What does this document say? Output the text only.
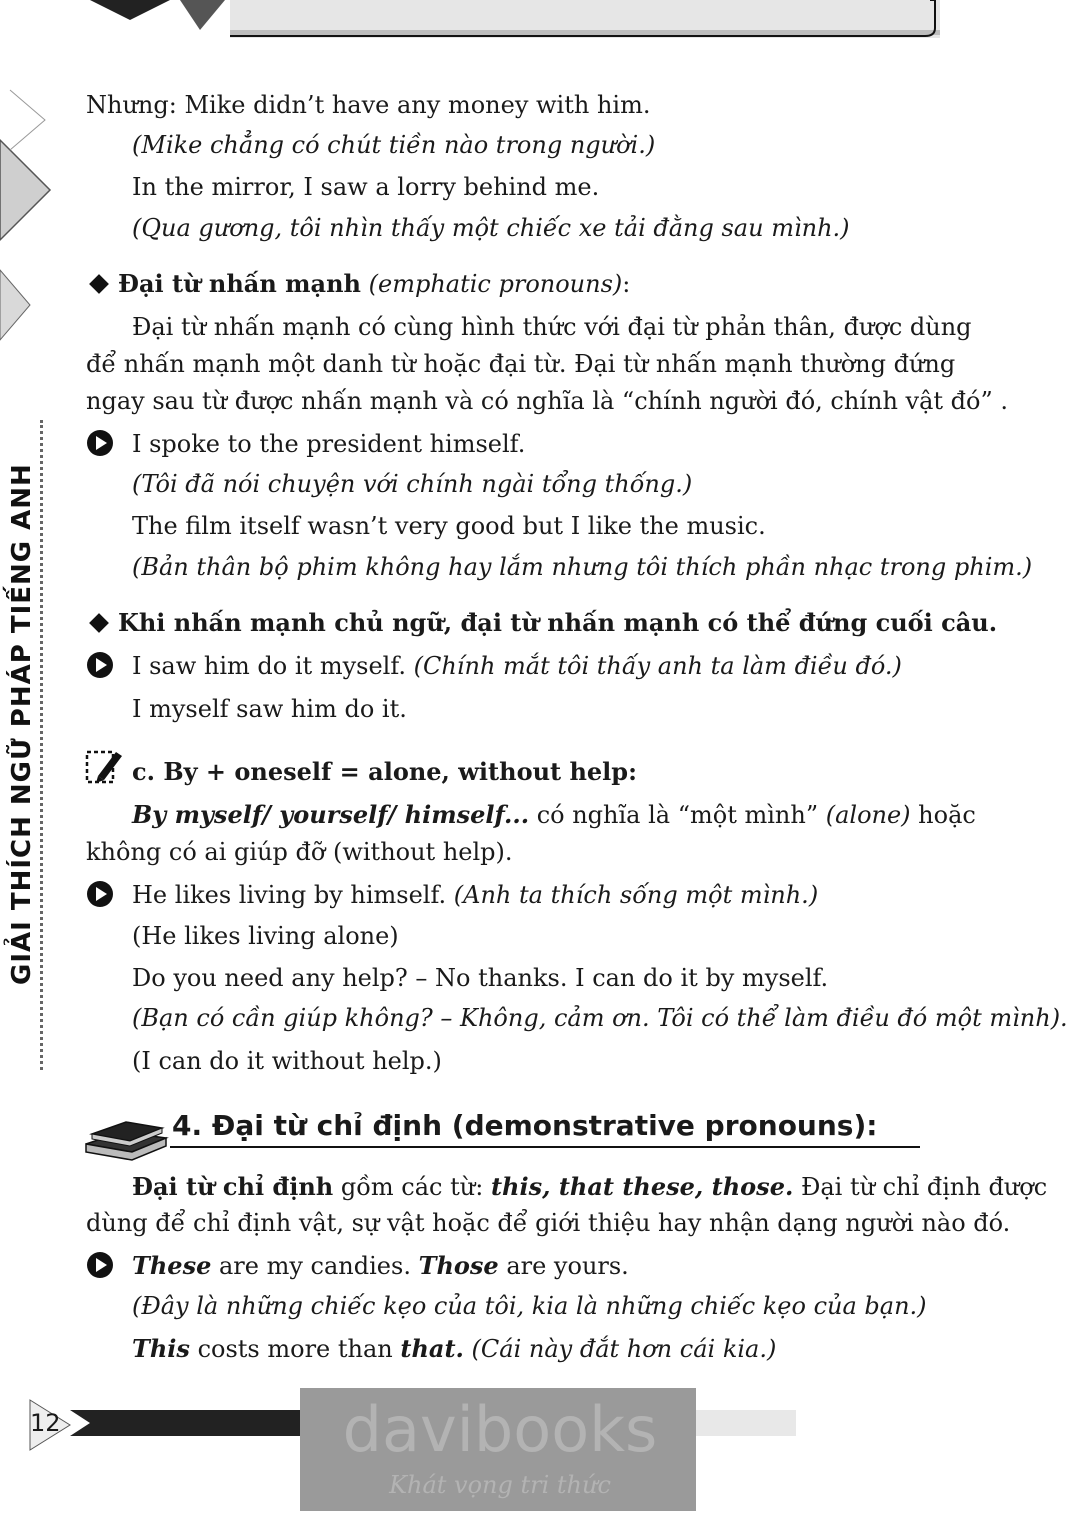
GIẢI THÍCH NGỮ PHÁP TIẾNG ANH
Nhưng: Mike didn’t have any money with him.
(Mike chẳng có chút tiền nào trong người.)
In the mirror, I saw a lorry behind me.
(Qua gương, tôi nhìn thấy một chiếc xe tải đằng sau mình.)
Đại từ nhấn mạnh (emphatic pronouns):
Đại từ nhấn mạnh có cùng hình thức với đại từ phản thân, được dùng
để nhấn mạnh một danh từ hoặc đại từ. Đại từ nhấn mạnh thường đứng
ngay sau từ được nhấn mạnh và có nghĩa là “chính người đó, chính vật đó” .
I spoke to the president himself.
(Tôi đã nói chuyện với chính ngài tổng thống.)
The film itself wasn’t very good but I like the music.
(Bản thân bộ phim không hay lắm nhưng tôi thích phần nhạc trong phim.)
Khi nhấn mạnh chủ ngữ, đại từ nhấn mạnh có thể đứng cuối câu.
I saw him do it myself. (Chính mắt tôi thấy anh ta làm điều đó.)
I myself saw him do it.
c. By + oneself = alone, without help:
By myself/ yourself/ himself... có nghĩa là “một mình” (alone) hoặc
không có ai giúp đỡ (without help).
He likes living by himself. (Anh ta thích sống một mình.)
(He likes living alone)
Do you need any help? – No thanks. I can do it by myself.
(Bạn có cần giúp không? – Không, cảm ơn. Tôi có thể làm điều đó một mình).
(I can do it without help.)
4. Đại từ chỉ định (demonstrative pronouns):
Đại từ chỉ định gồm các từ: this, that these, those. Đại từ chỉ định được
dùng để chỉ định vật, sự vật hoặc để giới thiệu hay nhận dạng người nào đó.
These are my candies. Those are yours.
(Đây là những chiếc kẹo của tôi, kia là những chiếc kẹo của bạn.)
This costs more than that. (Cái này đắt hơn cái kia.)
12	davibooks
Khát vọng tri thức
